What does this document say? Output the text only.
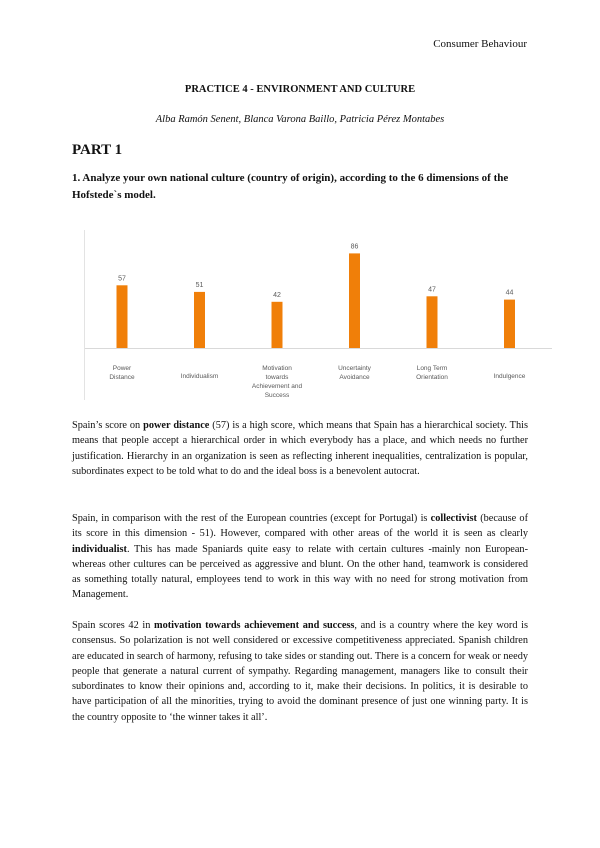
Consumer Behaviour
PRACTICE 4 - ENVIRONMENT AND CULTURE
Alba Ramón Senent, Blanca Varona Baillo, Patricia Pérez Montabes
PART 1
1. Analyze your own national culture (country of origin), according to the 6 dimensions of the Hofstede`s model.
57
Power Distance
51
Individualism
42
Motivation towards Achievement and Success
86
Uncertainty Avoidance
47
Long Term Orientation
44
Indulgence
Spain’s score on power distance (57) is a high score, which means that Spain has a hierarchical society. This means that people accept a hierarchical order in which everybody has a place, and which needs no further justification. Hierarchy in an organization is seen as reflecting inherent inequalities, centralization is popular, subordinates expect to be told what to do and the ideal boss is a benevolent autocrat.
Spain, in comparison with the rest of the European countries (except for Portugal) is collectivist (because of its score in this dimension - 51). However, compared with other areas of the world it is seen as clearly individualist. This has made Spaniards quite easy to relate with certain cultures -mainly non European- whereas other cultures can be perceived as aggressive and blunt. On the other hand, teamwork is considered as something totally natural, employees tend to work in this way with no need for strong motivation from Management.
Spain scores 42 in motivation towards achievement and success, and is a country where the key word is consensus. So polarization is not well considered or excessive competitiveness appreciated. Spanish children are educated in search of harmony, refusing to take sides or standing out. There is a concern for weak or needy people that generate a natural current of sympathy. Regarding management, managers like to consult their subordinates to know their opinions and, according to it, make their decisions. In politics, it is desirable to have participation of all the minorities, trying to avoid the dominant presence of just one winning party. It is the country opposite to ‘the winner takes it all’.
